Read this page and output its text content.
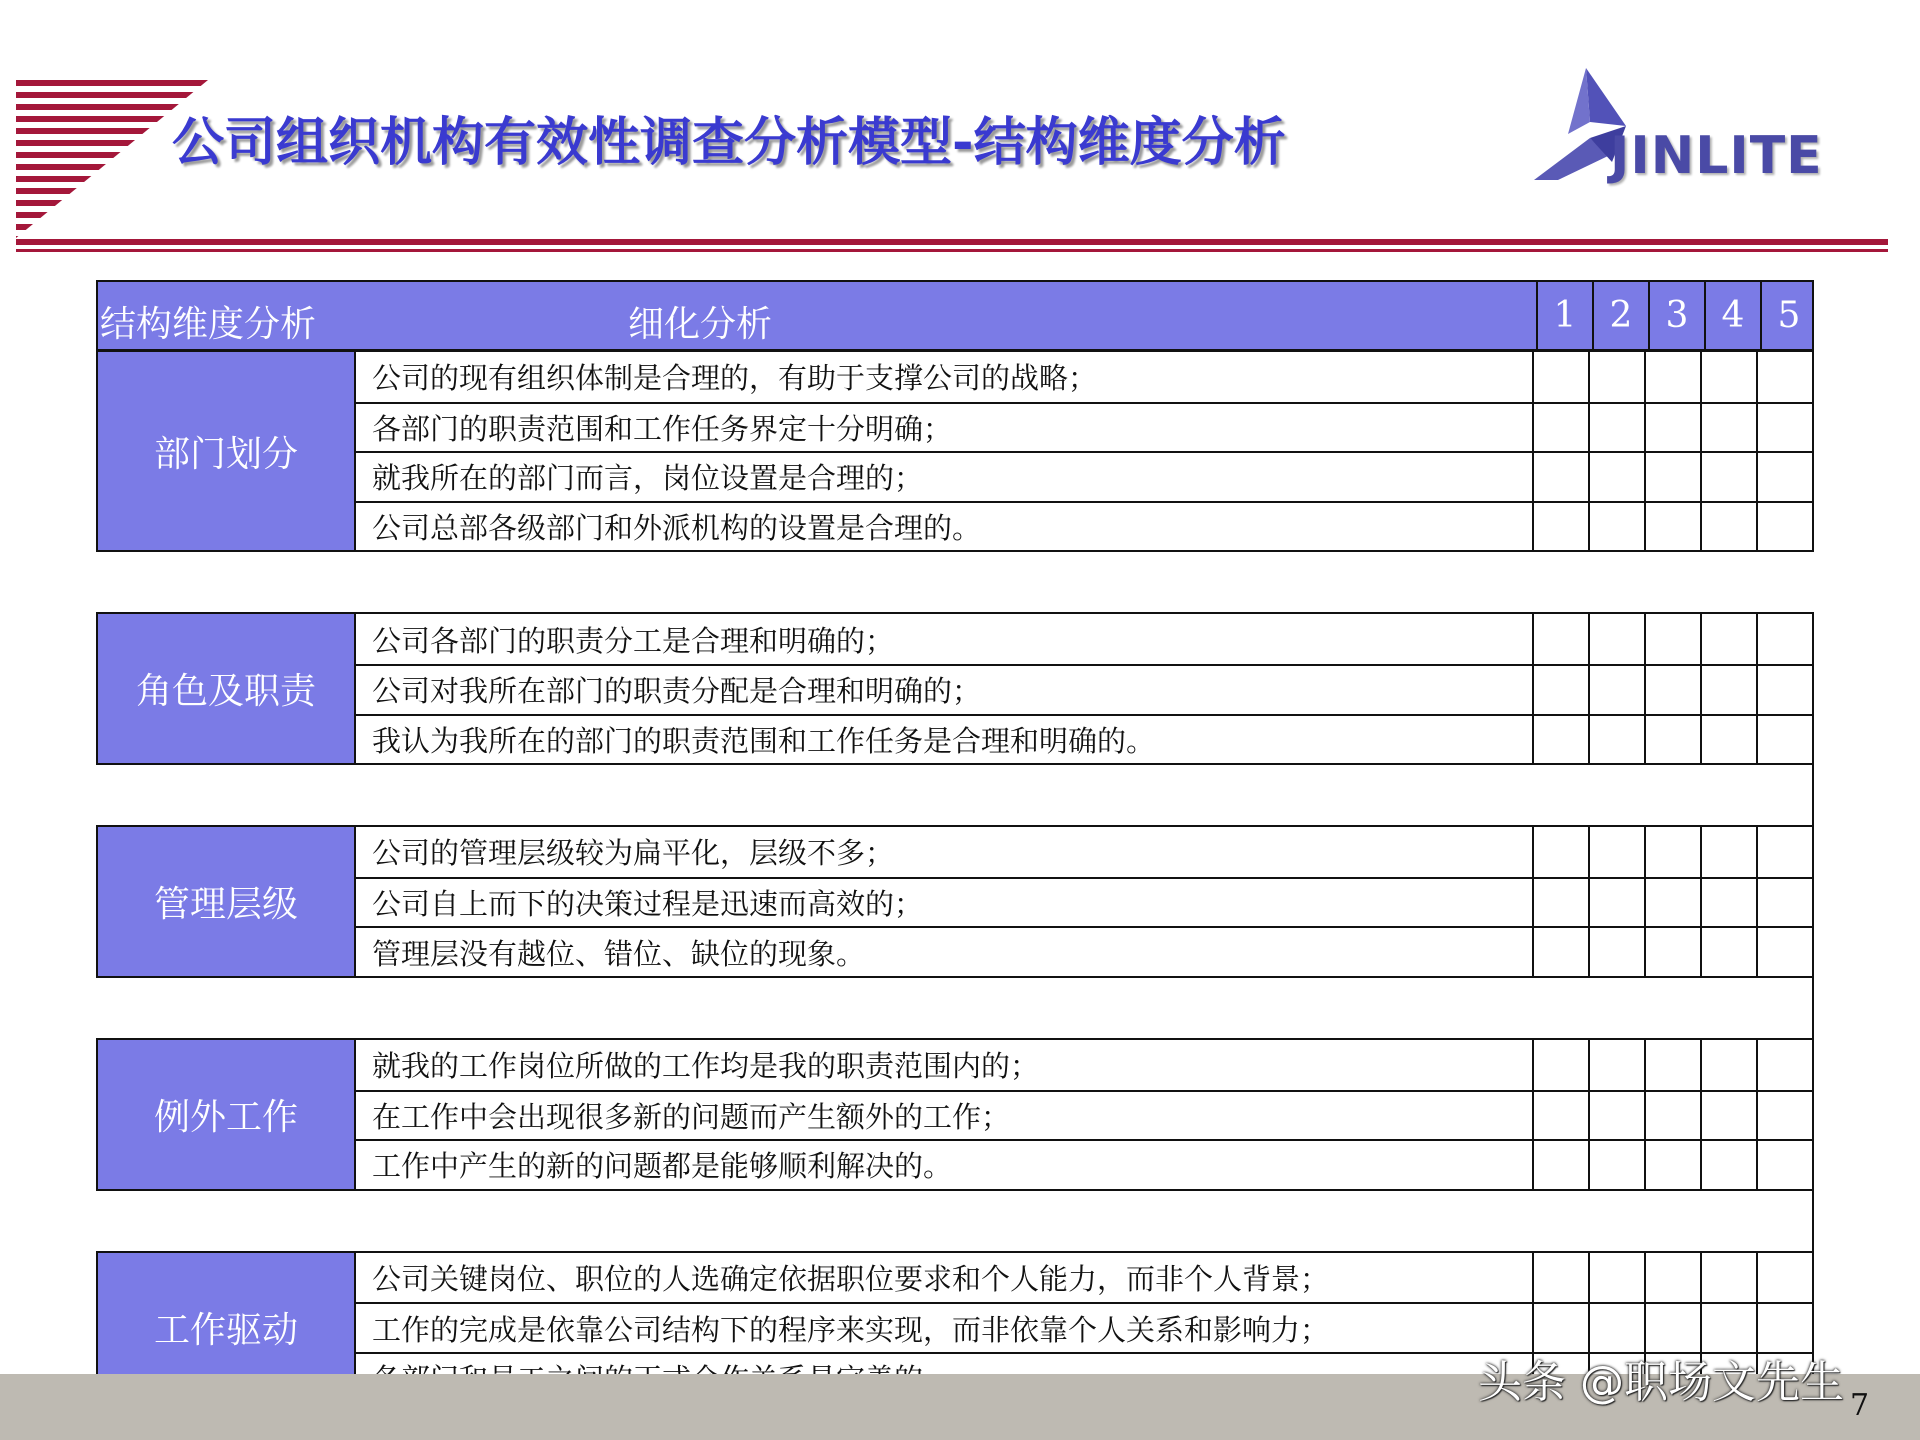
公司组织机构有效性调查分析模型-结构维度分析	JINLITE
结构维度分析	细化分析	1 2 3 4 5
部门划分
公司的现有组织体制是合理的，有助于支撑公司的战略；
各部门的职责范围和工作任务界定十分明确；
就我所在的部门而言，岗位设置是合理的；
公司总部各级部门和外派机构的设置是合理的。
角色及职责
公司各部门的职责分工是合理和明确的；
公司对我所在部门的职责分配是合理和明确的；
我认为我所在的部门的职责范围和工作任务是合理和明确的。
管理层级
公司的管理层级较为扁平化，层级不多；
公司自上而下的决策过程是迅速而高效的；
管理层没有越位、错位、缺位的现象。
例外工作
就我的工作岗位所做的工作均是我的职责范围内的；
在工作中会出现很多新的问题而产生额外的工作；
工作中产生的新的问题都是能够顺利解决的。
工作驱动
公司关键岗位、职位的人选确定依据职位要求和个人能力，而非个人背景；
工作的完成是依靠公司结构下的程序来实现，而非依靠个人关系和影响力；
头条 @职场文先生 7
